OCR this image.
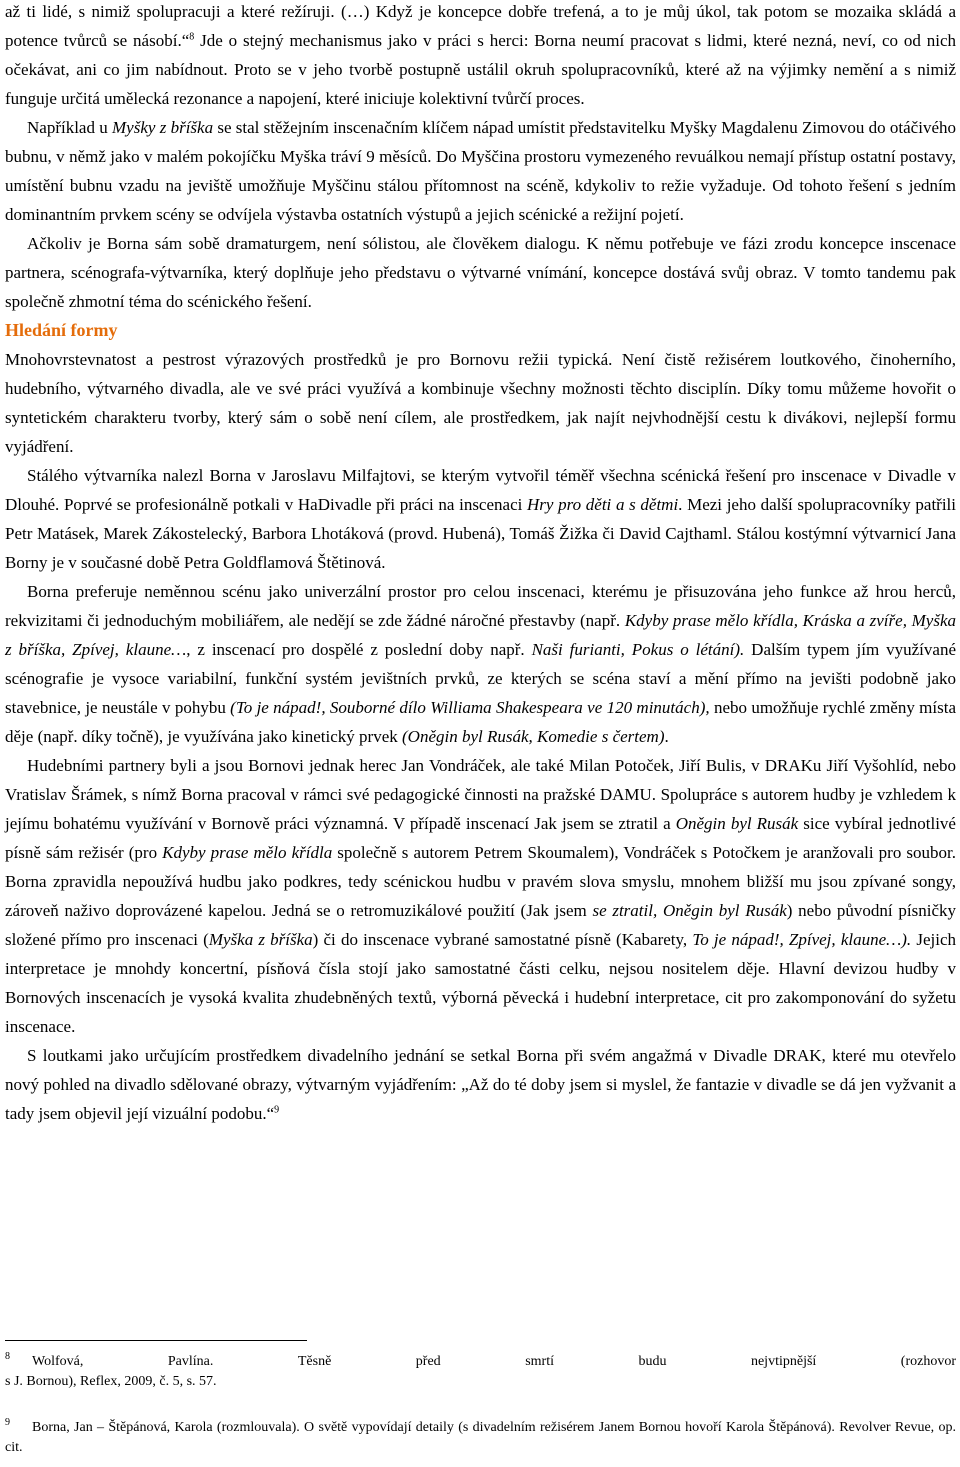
až ti lidé, s nimiž spolupracuji a které režíruji. (…) Když je koncepce dobře trefená, a to je můj úkol, tak potom se mozaika skládá a potence tvůrců se násobí.“$^8$ Jde o stejný mechanismus jako v práci s herci: Borna neumí pracovat s lidmi, které nezná, neví, co od nich očekávat, ani co jim nabídnout. Proto se v jeho tvorbě postupně ustálil okruh spolupracovníků, které až na výjimky nemění a s nimiž funguje určitá umělecká rezonance a napojení, které iniciuje kolektivní tvůrčí proces.

Například u Myšky z bříška se stal stěžejním inscenačním klíčem nápad umístit představitelku Myšky Magdalenu Zimovou do otáčivého bubnu, v němž jako v malém pokojíčku Myška tráví 9 měsíců. Do Myščina prostoru vymezeného revuálkou nemají přístup ostatní postavy, umístění bubnu vzadu na jeviště umožňuje Myščinu stálou přítomnost na scéně, kdykoliv to režie vyžaduje. Od tohoto řešení s jedním dominantním prvkem scény se odvíjela výstavba ostatních výstupů a jejich scénické a režijní pojetí.

Ačkoliv je Borna sám sobě dramaturgem, není sólistou, ale člověkem dialogu. K němu potřebuje ve fázi zrodu koncepce inscenace partnera, scénografa-výtvarníka, který doplňuje jeho představu o výtvarné vnímání, koncepce dostává svůj obraz. V tomto tandemu pak společně zhmotní téma do scénického řešení.

Hledání formy

Mnohovrstevnatost a pestrost výrazových prostředků je pro Bornovu režii typická. Není čistě režisérem loutkového, činoherního, hudebního, výtvarného divadla, ale ve své práci využívá a kombinuje všechny možnosti těchto disciplín. Díky tomu můžeme hovořit o syntetickém charakteru tvorby, který sám o sobě není cílem, ale prostředkem, jak najít nejvhodnější cestu k divákovi, nejlepší formu vyjádření.

Stálého výtvarníka nalezl Borna v Jaroslavu Milfajtovi, se kterým vytvořil téměř všechna scénická řešení pro inscenace v Divadle v Dlouhé. Poprvé se profesionálně potkali v HaDivadle při práci na inscenaci Hry pro děti a s dětmi. Mezi jeho další spolupracovníky patřili Petr Matásek, Marek Zákostelecký, Barbora Lhotáková (provd. Hubená), Tomáš Žižka či David Cajthaml. Stálou kostýmní výtvarnicí Jana Borny je v současné době Petra Goldflamová Štětinová.

Borna preferuje neměnnou scénu jako univerzální prostor pro celou inscenaci, kterému je přisuzována jeho funkce až hrou herců, rekvizitami či jednoduchým mobiliářem, ale nedějí se zde žádné náročné přestavby (např. Kdyby prase mělo křídla, Kráska a zvíře, Myška z bříška, Zpívej, klaune…, z inscenací pro dospělé z poslední doby např. Naši furianti, Pokus o létání). Dalším typem jím využívané scénografie je vysoce variabilní, funkční systém jevištních prvků, ze kterých se scéna staví a mění přímo na jevišti podobně jako stavebnice, je neustále v pohybu (To je nápad!, Souborné dílo Williama Shakespeara ve 120 minutách), nebo umožňuje rychlé změny místa děje (např. díky točně), je využívána jako kinetický prvek (Oněgin byl Rusák, Komedie s čertem).

Hudebními partnery byli a jsou Bornovi jednak herec Jan Vondráček, ale také Milan Potoček, Jiří Bulis, v DRAKu Jiří Vyšohlíd, nebo Vratislav Šrámek, s nímž Borna pracoval v rámci své pedagogické činnosti na pražské DAMU. Spolupráce s autorem hudby je vzhledem k jejímu bohatému využívání v Bornově práci významná. V případě inscenací Jak jsem se ztratil a Oněgin byl Rusák sice vybíral jednotlivé písně sám režisér (pro Kdyby prase mělo křídla společně s autorem Petrem Skoumalem), Vondráček s Potočkem je aranžovali pro soubor. Borna zpravidla nepoužívá hudbu jako podkres, tedy scénickou hudbu v pravém slova smyslu, mnohem bližší mu jsou zpívané songy, zároveň naživo doprovázené kapelou. Jedná se o retromuzikálové použití (Jak jsem se ztratil, Oněgin byl Rusák) nebo původní písničky složené přímo pro inscenaci (Myška z bříška) či do inscenace vybrané samostatné písně (Kabarety, To je nápad!, Zpívej, klaune…). Jejich interpretace je mnohdy koncertní, písňová čísla stojí jako samostatné části celku, nejsou nositelem děje. Hlavní devizou hudby v Bornových inscenacích je vysoká kvalita zhudebněných textů, výborná pěvecká i hudební interpretace, cit pro zakomponování do syžetu inscenace.

S loutkami jako určujícím prostředkem divadelního jednání se setkal Borna při svém angažmá v Divadle DRAK, které mu otevřelo nový pohled na divadlo sdělované obrazy, výtvarným vyjádřením: „Až do té doby jsem si myslel, že fantazie v divadle se dá jen vyžvanit a tady jsem objevil její vizuální podobu.“$^9$

$^8$ Wolfová,	Pavlína.	Těsně	před	smrtí	budu	nejvtipnější	(rozhovor
s J. Bornou), Reflex, 2009, č. 5, s. 57.
$^9$ Borna, Jan – Štěpánová, Karola (rozmlouvala). O světě vypovídají detaily (s divadelním režisérem Janem Bornou hovoří Karola Štěpánová). Revolver Revue, op. cit.
